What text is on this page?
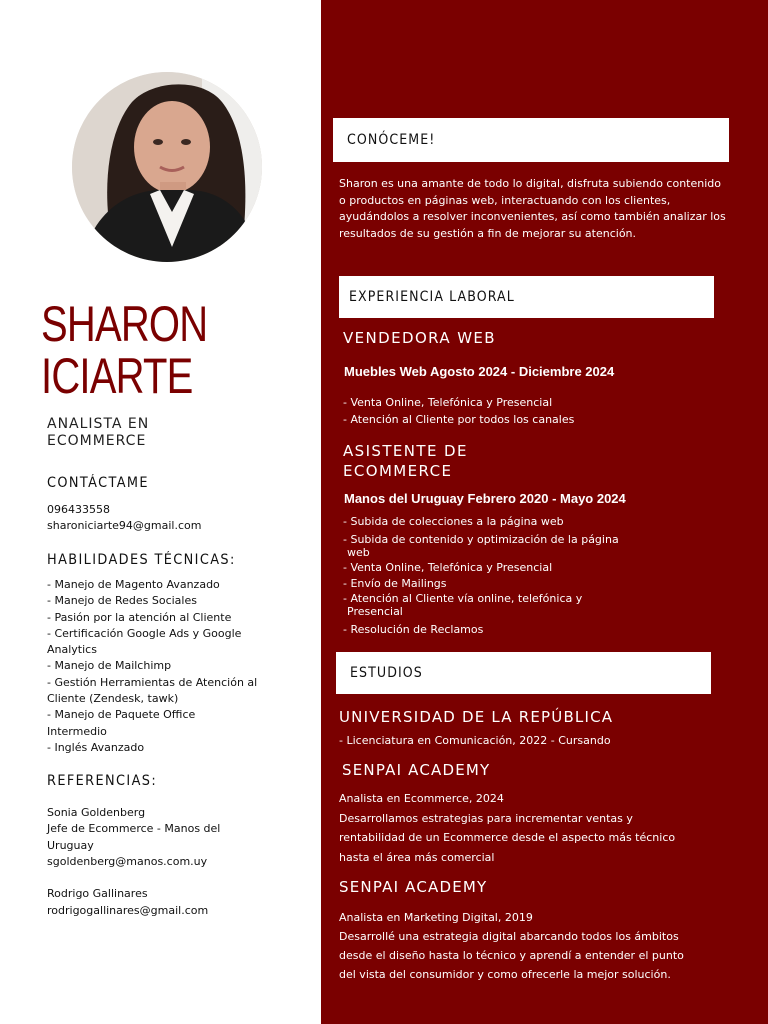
SHARON
ICIARTE
ANALISTA EN
ECOMMERCE
CONTÁCTAME
096433558
sharoniciarte94@gmail.com
HABILIDADES TÉCNICAS:
- Manejo de Magento Avanzado
- Manejo de Redes Sociales
- Pasión por la atención al Cliente
- Certificación Google Ads y Google
Analytics
- Manejo de Mailchimp
- Gestión Herramientas de Atención al
Cliente (Zendesk, tawk)
- Manejo de Paquete Office
Intermedio
- Inglés Avanzado
REFERENCIAS:
Sonia Goldenberg
Jefe de Ecommerce - Manos del
Uruguay
sgoldenberg@manos.com.uy
Rodrigo Gallinares
rodrigogallinares@gmail.com
CONÓCEME!
Sharon es una amante de todo lo digital, disfruta subiendo contenido
o productos en páginas web, interactuando con los clientes,
ayudándolos a resolver inconvenientes, así como también analizar los
resultados de su gestión a fin de mejorar su atención.
EXPERIENCIA LABORAL
VENDEDORA WEB
Muebles Web Agosto 2024 - Diciembre 2024
- Venta Online, Telefónica y Presencial
- Atención al Cliente por todos los canales
ASISTENTE DE
ECOMMERCE
Manos del Uruguay Febrero 2020 - Mayo 2024
- Subida de colecciones a la página web
- Subida de contenido y optimización de la página
web
- Venta Online, Telefónica y Presencial
- Envío de Mailings
- Atención al Cliente vía online, telefónica y
Presencial
- Resolución de Reclamos
ESTUDIOS
UNIVERSIDAD DE LA REPÚBLICA
- Licenciatura en Comunicación, 2022 - Cursando
SENPAI ACADEMY
Analista en Ecommerce, 2024
Desarrollamos estrategias para incrementar ventas y
rentabilidad de un Ecommerce desde el aspecto más técnico
hasta el área más comercial
SENPAI ACADEMY
Analista en Marketing Digital, 2019
Desarrollé una estrategia digital abarcando todos los ámbitos
desde el diseño hasta lo técnico y aprendí a entender el punto
del vista del consumidor y como ofrecerle la mejor solución.
